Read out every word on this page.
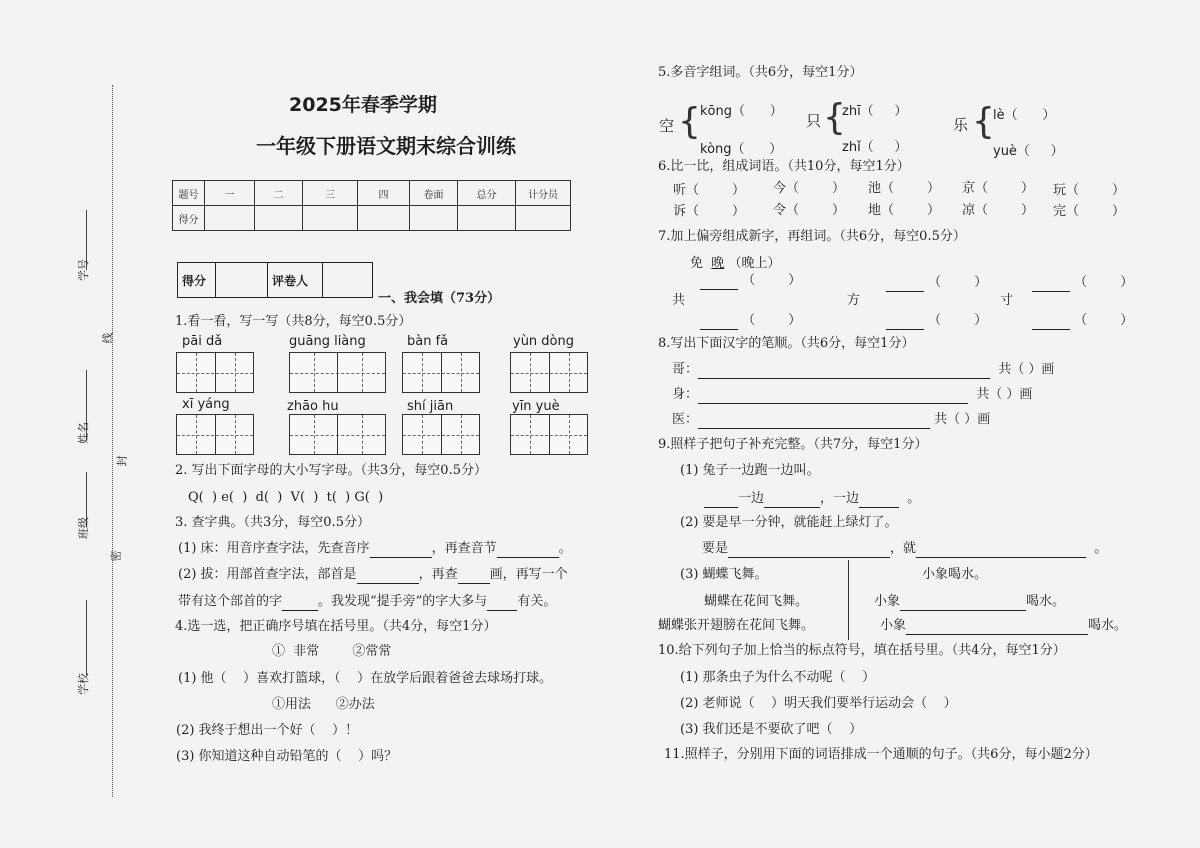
学号
线
姓名
封
班级
密
学校
2025年春季学期
一年级下册语文期末综合训练
题号	一	二	三	四	卷面	总分	计分员
得分							
得分		评卷人	
一、我会填（73分）
1.看一看，写一写（共8分，每空0.5分）
pāi dǎ	guāng liàng	bàn fǎ	yùn dòng
xī yáng	zhāo hu	shí jiān	yīn yuè
2. 写出下面字母的大小写字母。（共3分，每空0.5分）
Q(  ) e(  )  d(  )  V(  )  t(  ) G(  )
3. 查字典。（共3分，每空0.5分）
(1) 床：用音序查字法，先查音序	，再查音节	。
(2) 拔：用部首查字法，部首是	，再查 画，再写一个
带有这个部首的字	。我发现“提手旁”的字大多与 有关。
4.选一选，把正确序号填在括号里。（共4分，每空1分）
①  非常        ②常常
(1) 他（    ）喜欢打篮球，（    ）在放学后跟着爸爸去球场打球。
①用法      ②办法
(2) 我终于想出一个好（    ）！
(3) 你知道这种自动铅笔的（    ）吗？
5.多音字组词。（共6分，每空1分）
空 { kōng（      ）
kòng（      ）
只 {
zhī（     ）
zhǐ（     ）
乐 {
lè（      ）
yuè（     ）
6.比一比，组成词语。（共10分，每空1分）
听（        ） 今（        ） 池（        ） 京（        ） 玩（        ）
诉（        ） 令（        ） 地（        ） 凉（        ） 完（        ）
7.加上偏旁组成新字，再组词。（共6分，每空0.5分）
免 晚 （晚上）
（        ）	（        ）	（        ）
共	方	寸
（        ）	（        ）	（        ）
8.写出下面汉字的笔顺。（共6分，每空1分）
哥：	共（ ）画
身：	共（ ）画
医：	共（ ）画
9.照样子把句子补充完整。（共7分，每空1分）
(1) 兔子一边跑一边叫。
一边	，一边	。
(2) 要是早一分钟，就能赶上绿灯了。
要是	，就	。
(3) 蝴蝶飞舞。
蝴蝶在花间飞舞。
蝴蝶张开翅膀在花间飞舞。
小象喝水。
小象	喝水。
小象	喝水。
10.给下列句子加上恰当的标点符号，填在括号里。（共4分，每空1分）
(1) 那条虫子为什么不动呢（    ）
(2) 老师说（    ）明天我们要举行运动会（    ）
(3) 我们还是不要砍了吧（    ）
11.照样子，分别用下面的词语排成一个通顺的句子。（共6分，每小题2分）
